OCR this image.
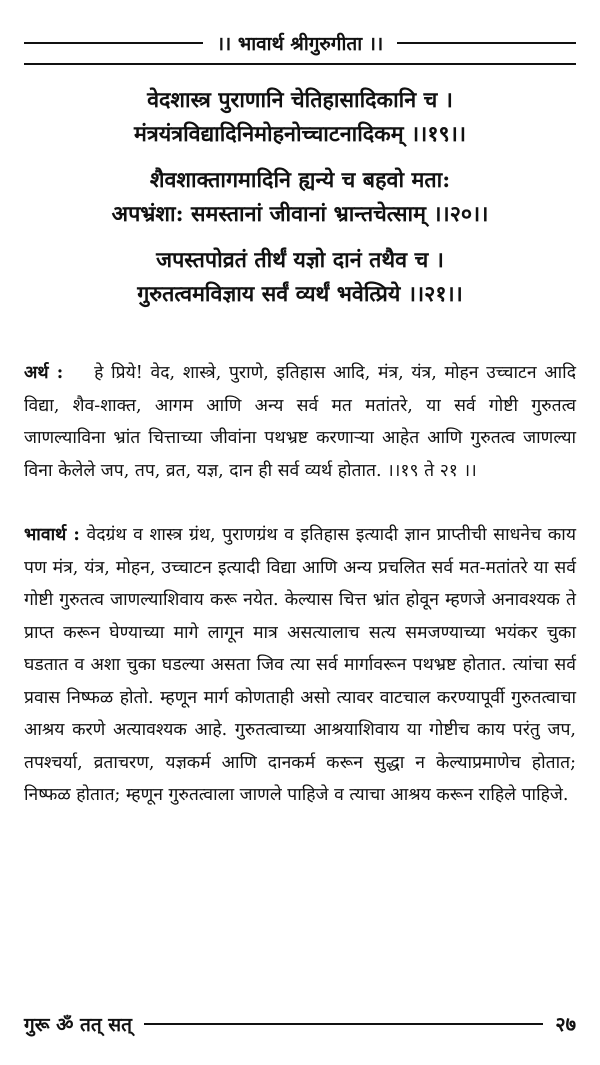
।। भावार्थ श्रीगुरुगीता ।।
वेदशास्त्र पुराणानि चेतिहासादिकानि च ।
मंत्रयंत्रविद्यादिनिमोहनोच्चाटनादिकम् ।।१९।।
शैवशाक्तागमादिनि ह्यन्ये च बहवो मता:
अपभ्रंशा: समस्तानां जीवानां भ्रान्तचेत्साम् ।।२०।।
जपस्तपोव्रतं तीर्थं यज्ञो दानं तथैव च ।
गुरुतत्वमविज्ञाय सर्वं व्यर्थं भवेत्प्रिये ।।२१।।
अर्थ : हे प्रिये! वेद, शास्त्रे, पुराणे, इतिहास आदि, मंत्र, यंत्र, मोहन उच्चाटन आदि विद्या, शैव-शाक्त, आगम आणि अन्य सर्व मत मतांतरे, या सर्व गोष्टी गुरुतत्व जाणल्याविना भ्रांत चित्ताच्या जीवांना पथभ्रष्ट करणाऱ्या आहेत आणि गुरुतत्व जाणल्या विना केलेले जप, तप, व्रत, यज्ञ, दान ही सर्व व्यर्थ होतात. ।।१९ ते २१ ।।
भावार्थ : वेदग्रंथ व शास्त्र ग्रंथ, पुराणग्रंथ व इतिहास इत्यादी ज्ञान प्राप्तीची साधनेच काय पण मंत्र, यंत्र, मोहन, उच्चाटन इत्यादी विद्या आणि अन्य प्रचलित सर्व मत-मतांतरे या सर्व गोष्टी गुरुतत्व जाणल्याशिवाय करू नयेत. केल्यास चित्त भ्रांत होवून म्हणजे अनावश्यक ते प्राप्त करून घेण्याच्या मागे लागून मात्र असत्यालाच सत्य समजण्याच्या भयंकर चुका घडतात व अशा चुका घडल्या असता जिव त्या सर्व मार्गावरून पथभ्रष्ट होतात. त्यांचा सर्व प्रवास निष्फळ होतो. म्हणून मार्ग कोणताही असो त्यावर वाटचाल करण्यापूर्वी गुरुतत्वाचा आश्रय करणे अत्यावश्यक आहे. गुरुतत्वाच्या आश्रयाशिवाय या गोष्टीच काय परंतु जप, तपश्चर्या, व्रताचरण, यज्ञकर्म आणि दानकर्म करून सुद्धा न केल्याप्रमाणेच होतात; निष्फळ होतात; म्हणून गुरुतत्वाला जाणले पाहिजे व त्याचा आश्रय करून राहिले पाहिजे.
गुरू ॐ तत् सत्	२७
